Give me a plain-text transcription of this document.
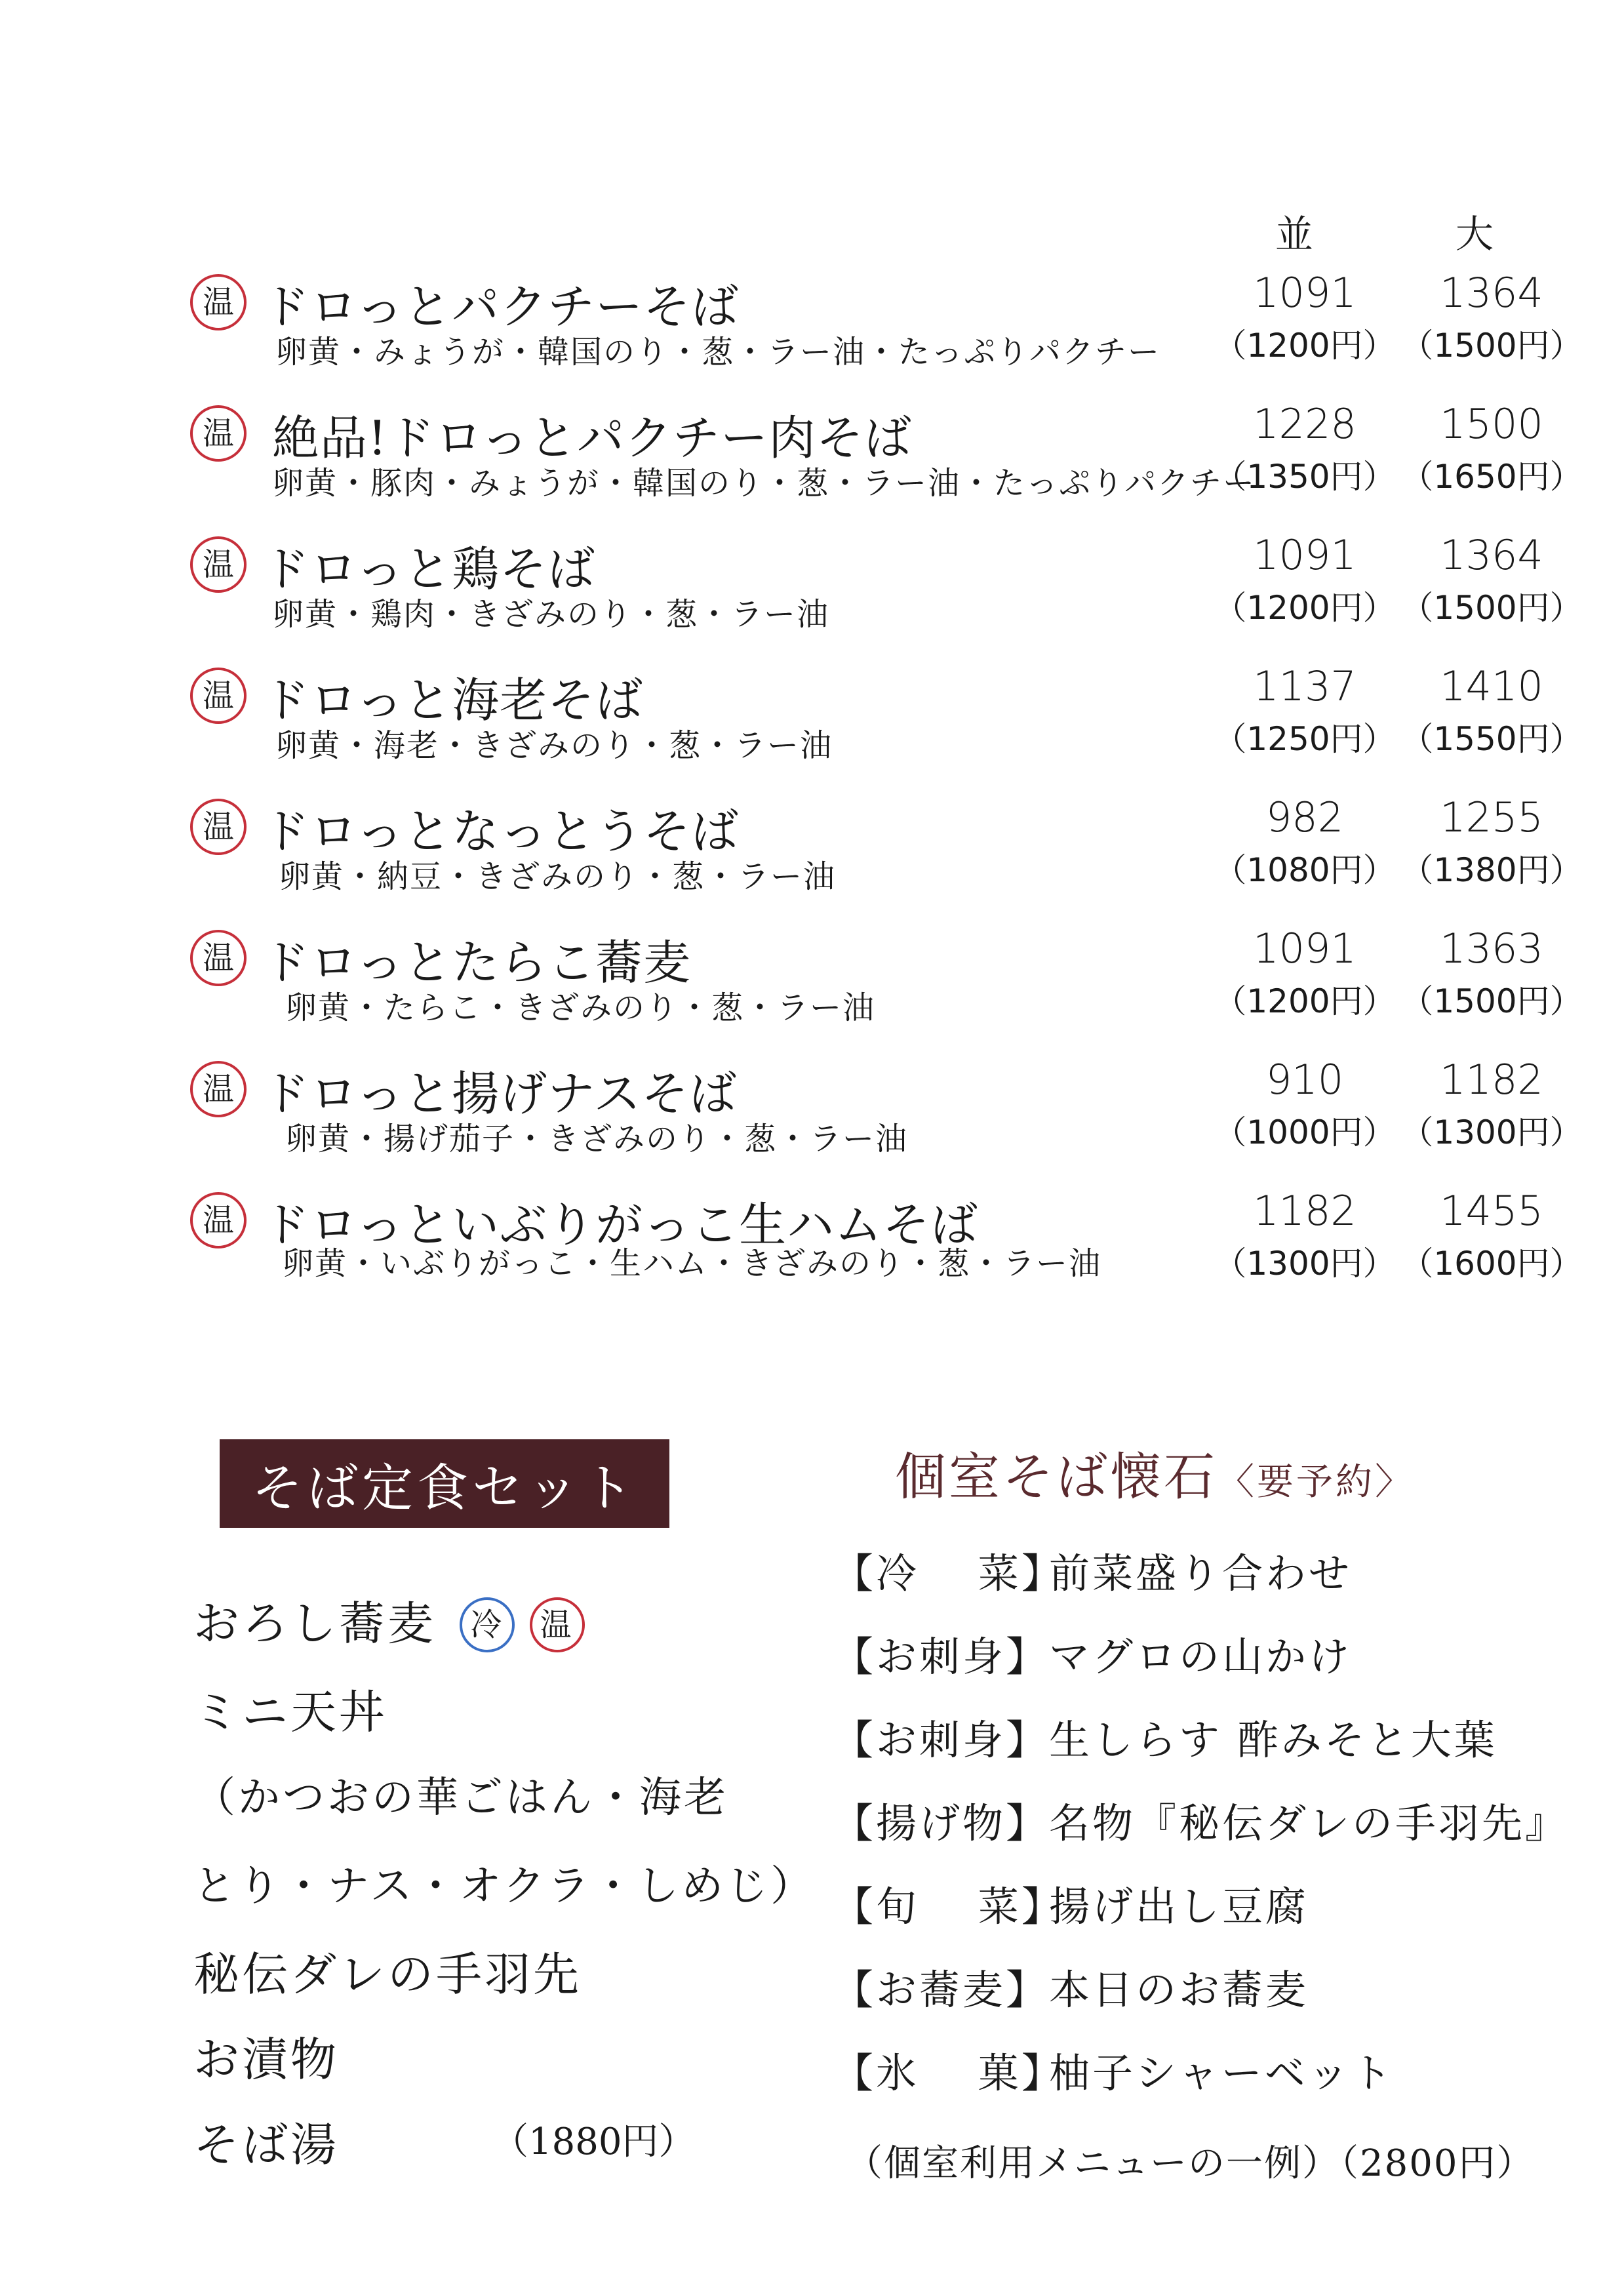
並	大
温 ドロっとパクチーそば
卵黄・みょうが・韓国のり・葱・ラー油・たっぷりパクチー
1091
（1200円）
1364
（1500円）
温 絶品!ドロっとパクチー肉そば
卵黄・豚肉・みょうが・韓国のり・葱・ラー油・たっぷりパクチー
1228
（1350円）
1500
（1650円）
温 ドロっと鶏そば
卵黄・鶏肉・きざみのり・葱・ラー油
1091
（1200円）
1364
（1500円）
温 ドロっと海老そば
卵黄・海老・きざみのり・葱・ラー油
1137
（1250円）
1410
（1550円）
温 ドロっとなっとうそば
卵黄・納豆・きざみのり・葱・ラー油
982
（1080円）
1255
（1380円）
温 ドロっとたらこ蕎麦
卵黄・たらこ・きざみのり・葱・ラー油
1091
（1200円）
1363
（1500円）
温 ドロっと揚げナスそば
卵黄・揚げ茄子・きざみのり・葱・ラー油
910
（1000円）
1182
（1300円）
温 ドロっといぶりがっこ生ハムそば
卵黄・いぶりがっこ・生ハム・きざみのり・葱・ラー油
1182
（1300円）
1455
（1600円）
そば定食セット
おろし蕎麦 冷 温
ミニ天丼
（かつおの華ごはん・海老
とり・ナス・オクラ・しめじ）
秘伝ダレの手羽先
お漬物
そば湯	（1880円）
個室そば懐石〈要予約〉
【冷　 菜】前菜盛り合わせ
【お刺身】マグロの山かけ
【お刺身】生しらす 酢みそと大葉
【揚げ物】名物『秘伝ダレの手羽先』
【旬　 菜】揚げ出し豆腐
【お蕎麦】本日のお蕎麦
【氷　 菓】柚子シャーベット
（個室利用メニューの一例）（2800円）
